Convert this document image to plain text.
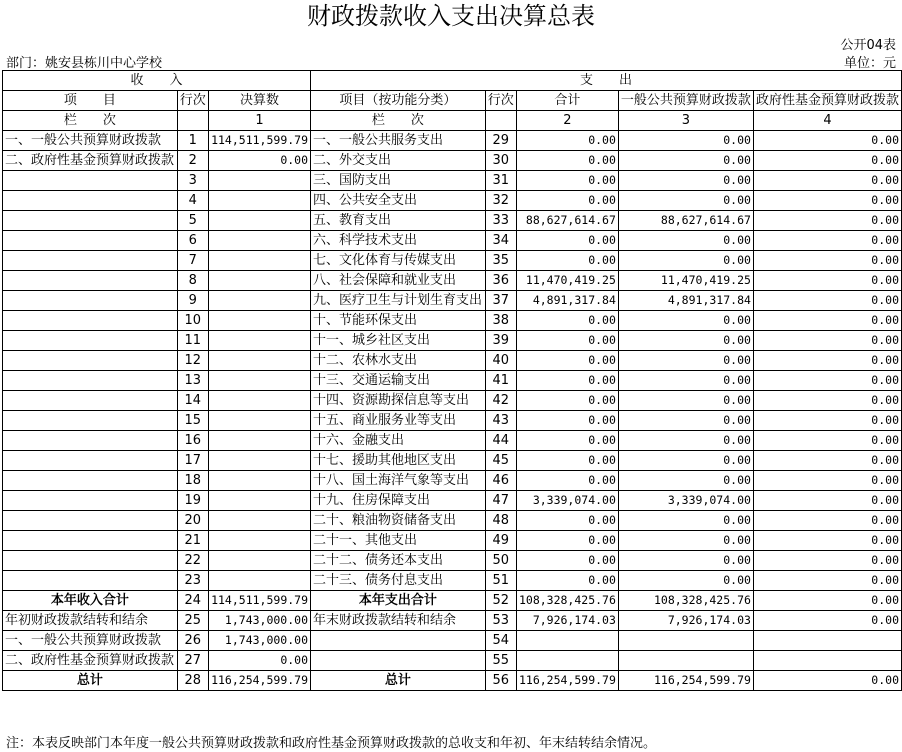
财政拨款收入支出决算总表
公开04表
部门：姚安县栋川中心学校	单位：元
收　　入			支　　出				
项　　目	行次	决算数	项目（按功能分类）	行次	合计	一般公共预算财政拨款	政府性基金预算财政拨款
栏　　次		1	栏　　次		2	3	4
一、一般公共预算财政拨款	1	114,511,599.79	一、一般公共服务支出	29	0.00	0.00	0.00
二、政府性基金预算财政拨款	2	0.00	二、外交支出	30	0.00	0.00	0.00
	3		三、国防支出	31	0.00	0.00	0.00
	4		四、公共安全支出	32	0.00	0.00	0.00
	5		五、教育支出	33	88,627,614.67	88,627,614.67	0.00
	6		六、科学技术支出	34	0.00	0.00	0.00
	7		七、文化体育与传媒支出	35	0.00	0.00	0.00
	8		八、社会保障和就业支出	36	11,470,419.25	11,470,419.25	0.00
	9		九、医疗卫生与计划生育支出	37	4,891,317.84	4,891,317.84	0.00
	10		十、节能环保支出	38	0.00	0.00	0.00
	11		十一、城乡社区支出	39	0.00	0.00	0.00
	12		十二、农林水支出	40	0.00	0.00	0.00
	13		十三、交通运输支出	41	0.00	0.00	0.00
	14		十四、资源勘探信息等支出	42	0.00	0.00	0.00
	15		十五、商业服务业等支出	43	0.00	0.00	0.00
	16		十六、金融支出	44	0.00	0.00	0.00
	17		十七、援助其他地区支出	45	0.00	0.00	0.00
	18		十八、国土海洋气象等支出	46	0.00	0.00	0.00
	19		十九、住房保障支出	47	3,339,074.00	3,339,074.00	0.00
	20		二十、粮油物资储备支出	48	0.00	0.00	0.00
	21		二十一、其他支出	49	0.00	0.00	0.00
	22		二十二、债务还本支出	50	0.00	0.00	0.00
	23		二十三、债务付息支出	51	0.00	0.00	0.00
本年收入合计	24	114,511,599.79	本年支出合计	52	108,328,425.76	108,328,425.76	0.00
年初财政拨款结转和结余	25	1,743,000.00	年末财政拨款结转和结余	53	7,926,174.03	7,926,174.03	0.00
一、一般公共预算财政拨款	26	1,743,000.00		54			
二、政府性基金预算财政拨款	27	0.00		55			
总计	28	116,254,599.79	总计	56	116,254,599.79	116,254,599.79	0.00
注：本表反映部门本年度一般公共预算财政拨款和政府性基金预算财政拨款的总收支和年初、年末结转结余情况。
